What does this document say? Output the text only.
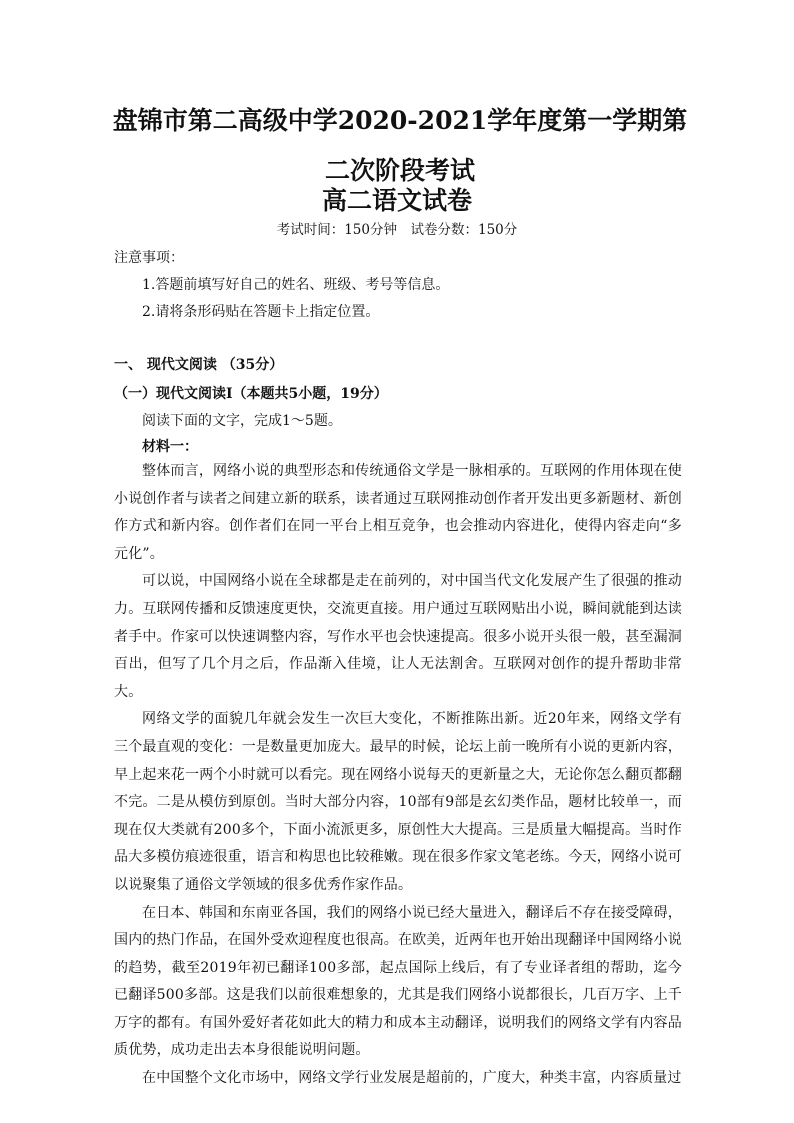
盘锦市第二高级中学2020-2021学年度第一学期第二次阶段考试
高二语文试卷
考试时间：150分钟　试卷分数：150分
注意事项：
1.答题前填写好自己的姓名、班级、考号等信息。
2.请将条形码贴在答题卡上指定位置。
一、 现代文阅读 （35分）
（一）现代文阅读Ⅰ（本题共5小题，19分）
阅读下面的文字，完成1～5题。
材料一：

整体而言，网络小说的典型形态和传统通俗文学是一脉相承的。互联网的作用体现在使小说创作者与读者之间建立新的联系，读者通过互联网推动创作者开发出更多新题材、新创作方式和新内容。创作者们在同一平台上相互竞争，也会推动内容进化，使得内容走向“多元化”。

可以说，中国网络小说在全球都是走在前列的，对中国当代文化发展产生了很强的推动力。互联网传播和反馈速度更快，交流更直接。用户通过互联网贴出小说，瞬间就能到达读者手中。作家可以快速调整内容，写作水平也会快速提高。很多小说开头很一般，甚至漏洞百出，但写了几个月之后，作品渐入佳境，让人无法割舍。互联网对创作的提升帮助非常大。

网络文学的面貌几年就会发生一次巨大变化，不断推陈出新。近20年来，网络文学有三个最直观的变化：一是数量更加庞大。最早的时候，论坛上前一晚所有小说的更新内容，早上起来花一两个小时就可以看完。现在网络小说每天的更新量之大，无论你怎么翻页都翻不完。二是从模仿到原创。当时大部分内容，10部有9部是玄幻类作品，题材比较单一，而现在仅大类就有200多个，下面小流派更多，原创性大大提高。三是质量大幅提高。当时作品大多模仿痕迹很重，语言和构思也比较稚嫩。现在很多作家文笔老练。今天，网络小说可以说聚集了通俗文学领域的很多优秀作家作品。

在日本、韩国和东南亚各国，我们的网络小说已经大量进入，翻译后不存在接受障碍，国内的热门作品，在国外受欢迎程度也很高。在欧美，近两年也开始出现翻译中国网络小说的趋势，截至2019年初已翻译100多部，起点国际上线后，有了专业译者组的帮助，迄今已翻译500多部。这是我们以前很难想象的，尤其是我们网络小说都很长，几百万字、上千万字的都有。有国外爱好者花如此大的精力和成本主动翻译，说明我们的网络文学有内容品质优势，成功走出去本身很能说明问题。

在中国整个文化市场中，网络文学行业发展是超前的，广度大，种类丰富，内容质量过
